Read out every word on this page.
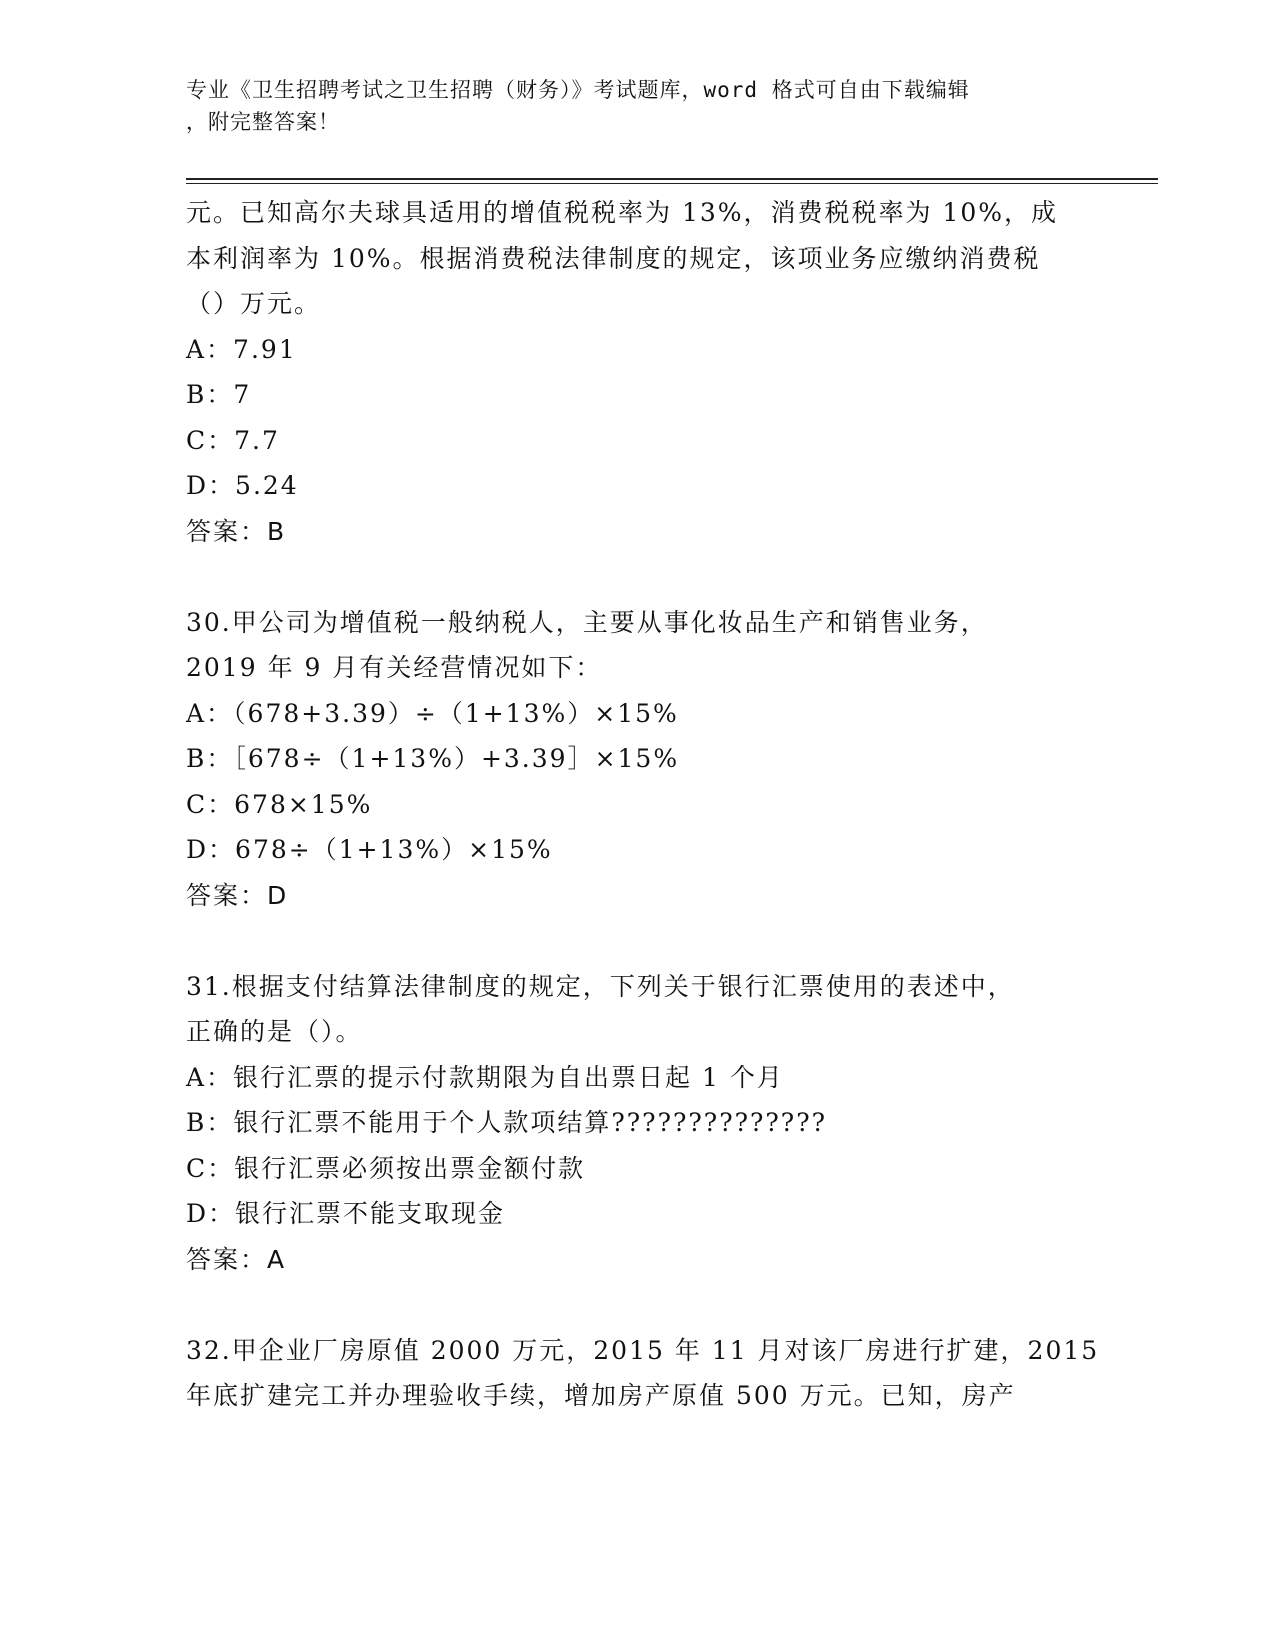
专业《卫生招聘考试之卫生招聘（财务）》考试题库，word 格式可自由下载编辑
，附完整答案！
元。已知高尔夫球具适用的增值税税率为 13%，消费税税率为 10%，成
本利润率为 10%。根据消费税法律制度的规定，该项业务应缴纳消费税
（）万元。
A：7.91
B：7
C：7.7
D：5.24
答案：B
30.甲公司为增值税一般纳税人，主要从事化妆品生产和销售业务，
2019 年 9 月有关经营情况如下：
A：（678+3.39）÷（1+13%）×15%
B：［678÷（1+13%）+3.39］×15%
C：678×15%
D：678÷（1+13%）×15%
答案：D
31.根据支付结算法律制度的规定，下列关于银行汇票使用的表述中，
正确的是（）。
A：银行汇票的提示付款期限为自出票日起 1 个月
B：银行汇票不能用于个人款项结算??????????????
C：银行汇票必须按出票金额付款
D：银行汇票不能支取现金
答案：A
32.甲企业厂房原值 2000 万元，2015 年 11 月对该厂房进行扩建，2015
年底扩建完工并办理验收手续，增加房产原值 500 万元。已知，房产
